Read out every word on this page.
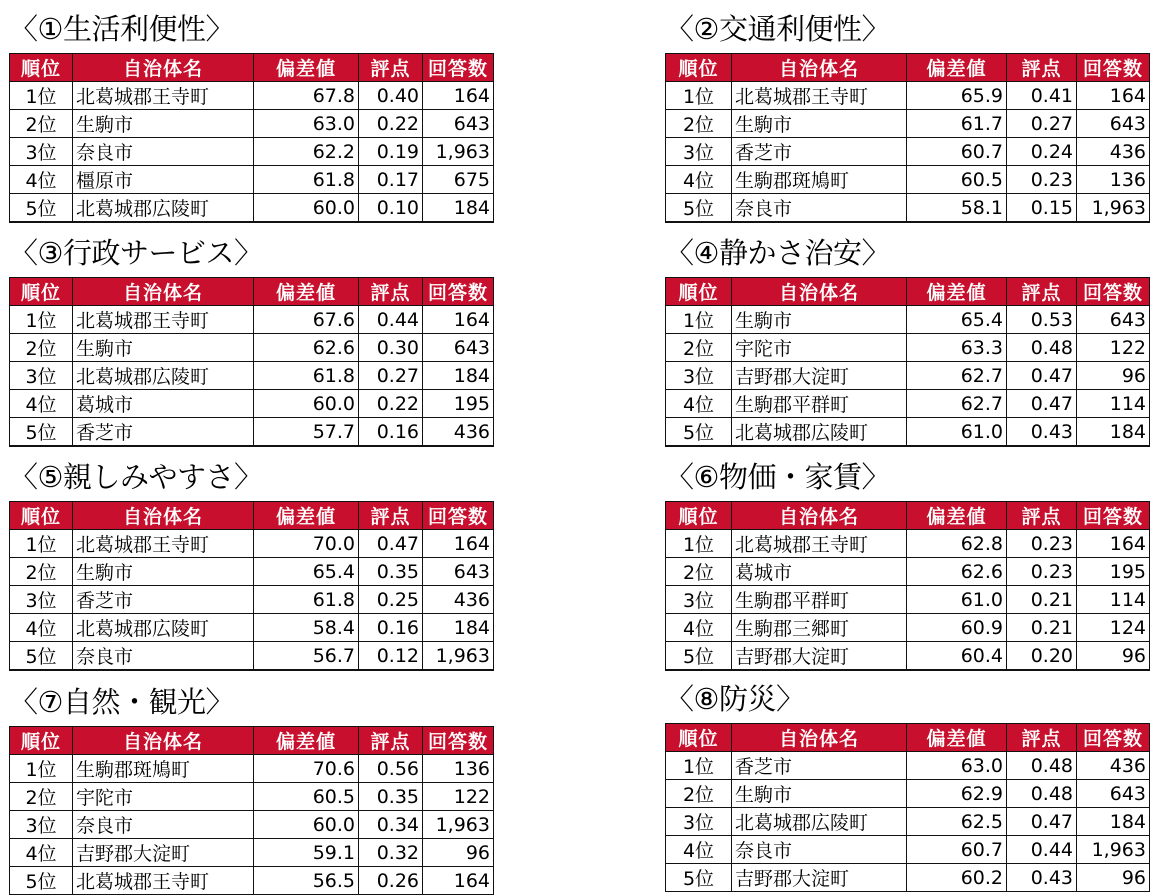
〈①生活利便性〉
順位	自治体名	偏差値	評点	回答数
1位	北葛城郡王寺町	67.8	0.40	164
2位	生駒市	63.0	0.22	643
3位	奈良市	62.2	0.19	1,963
4位	橿原市	61.8	0.17	675
5位	北葛城郡広陵町	60.0	0.10	184
〈②交通利便性〉
順位	自治体名	偏差値	評点	回答数
1位	北葛城郡王寺町	65.9	0.41	164
2位	生駒市	61.7	0.27	643
3位	香芝市	60.7	0.24	436
4位	生駒郡斑鳩町	60.5	0.23	136
5位	奈良市	58.1	0.15	1,963
〈③行政サービス〉
順位	自治体名	偏差値	評点	回答数
1位	北葛城郡王寺町	67.6	0.44	164
2位	生駒市	62.6	0.30	643
3位	北葛城郡広陵町	61.8	0.27	184
4位	葛城市	60.0	0.22	195
5位	香芝市	57.7	0.16	436
〈④静かさ治安〉
順位	自治体名	偏差値	評点	回答数
1位	生駒市	65.4	0.53	643
2位	宇陀市	63.3	0.48	122
3位	吉野郡大淀町	62.7	0.47	96
4位	生駒郡平群町	62.7	0.47	114
5位	北葛城郡広陵町	61.0	0.43	184
〈⑤親しみやすさ〉
順位	自治体名	偏差値	評点	回答数
1位	北葛城郡王寺町	70.0	0.47	164
2位	生駒市	65.4	0.35	643
3位	香芝市	61.8	0.25	436
4位	北葛城郡広陵町	58.4	0.16	184
5位	奈良市	56.7	0.12	1,963
〈⑥物価・家賃〉
順位	自治体名	偏差値	評点	回答数
1位	北葛城郡王寺町	62.8	0.23	164
2位	葛城市	62.6	0.23	195
3位	生駒郡平群町	61.0	0.21	114
4位	生駒郡三郷町	60.9	0.21	124
5位	吉野郡大淀町	60.4	0.20	96
〈⑦自然・観光〉
順位	自治体名	偏差値	評点	回答数
1位	生駒郡斑鳩町	70.6	0.56	136
2位	宇陀市	60.5	0.35	122
3位	奈良市	60.0	0.34	1,963
4位	吉野郡大淀町	59.1	0.32	96
5位	北葛城郡王寺町	56.5	0.26	164
〈⑧防災〉
順位	自治体名	偏差値	評点	回答数
1位	香芝市	63.0	0.48	436
2位	生駒市	62.9	0.48	643
3位	北葛城郡広陵町	62.5	0.47	184
4位	奈良市	60.7	0.44	1,963
5位	吉野郡大淀町	60.2	0.43	96
